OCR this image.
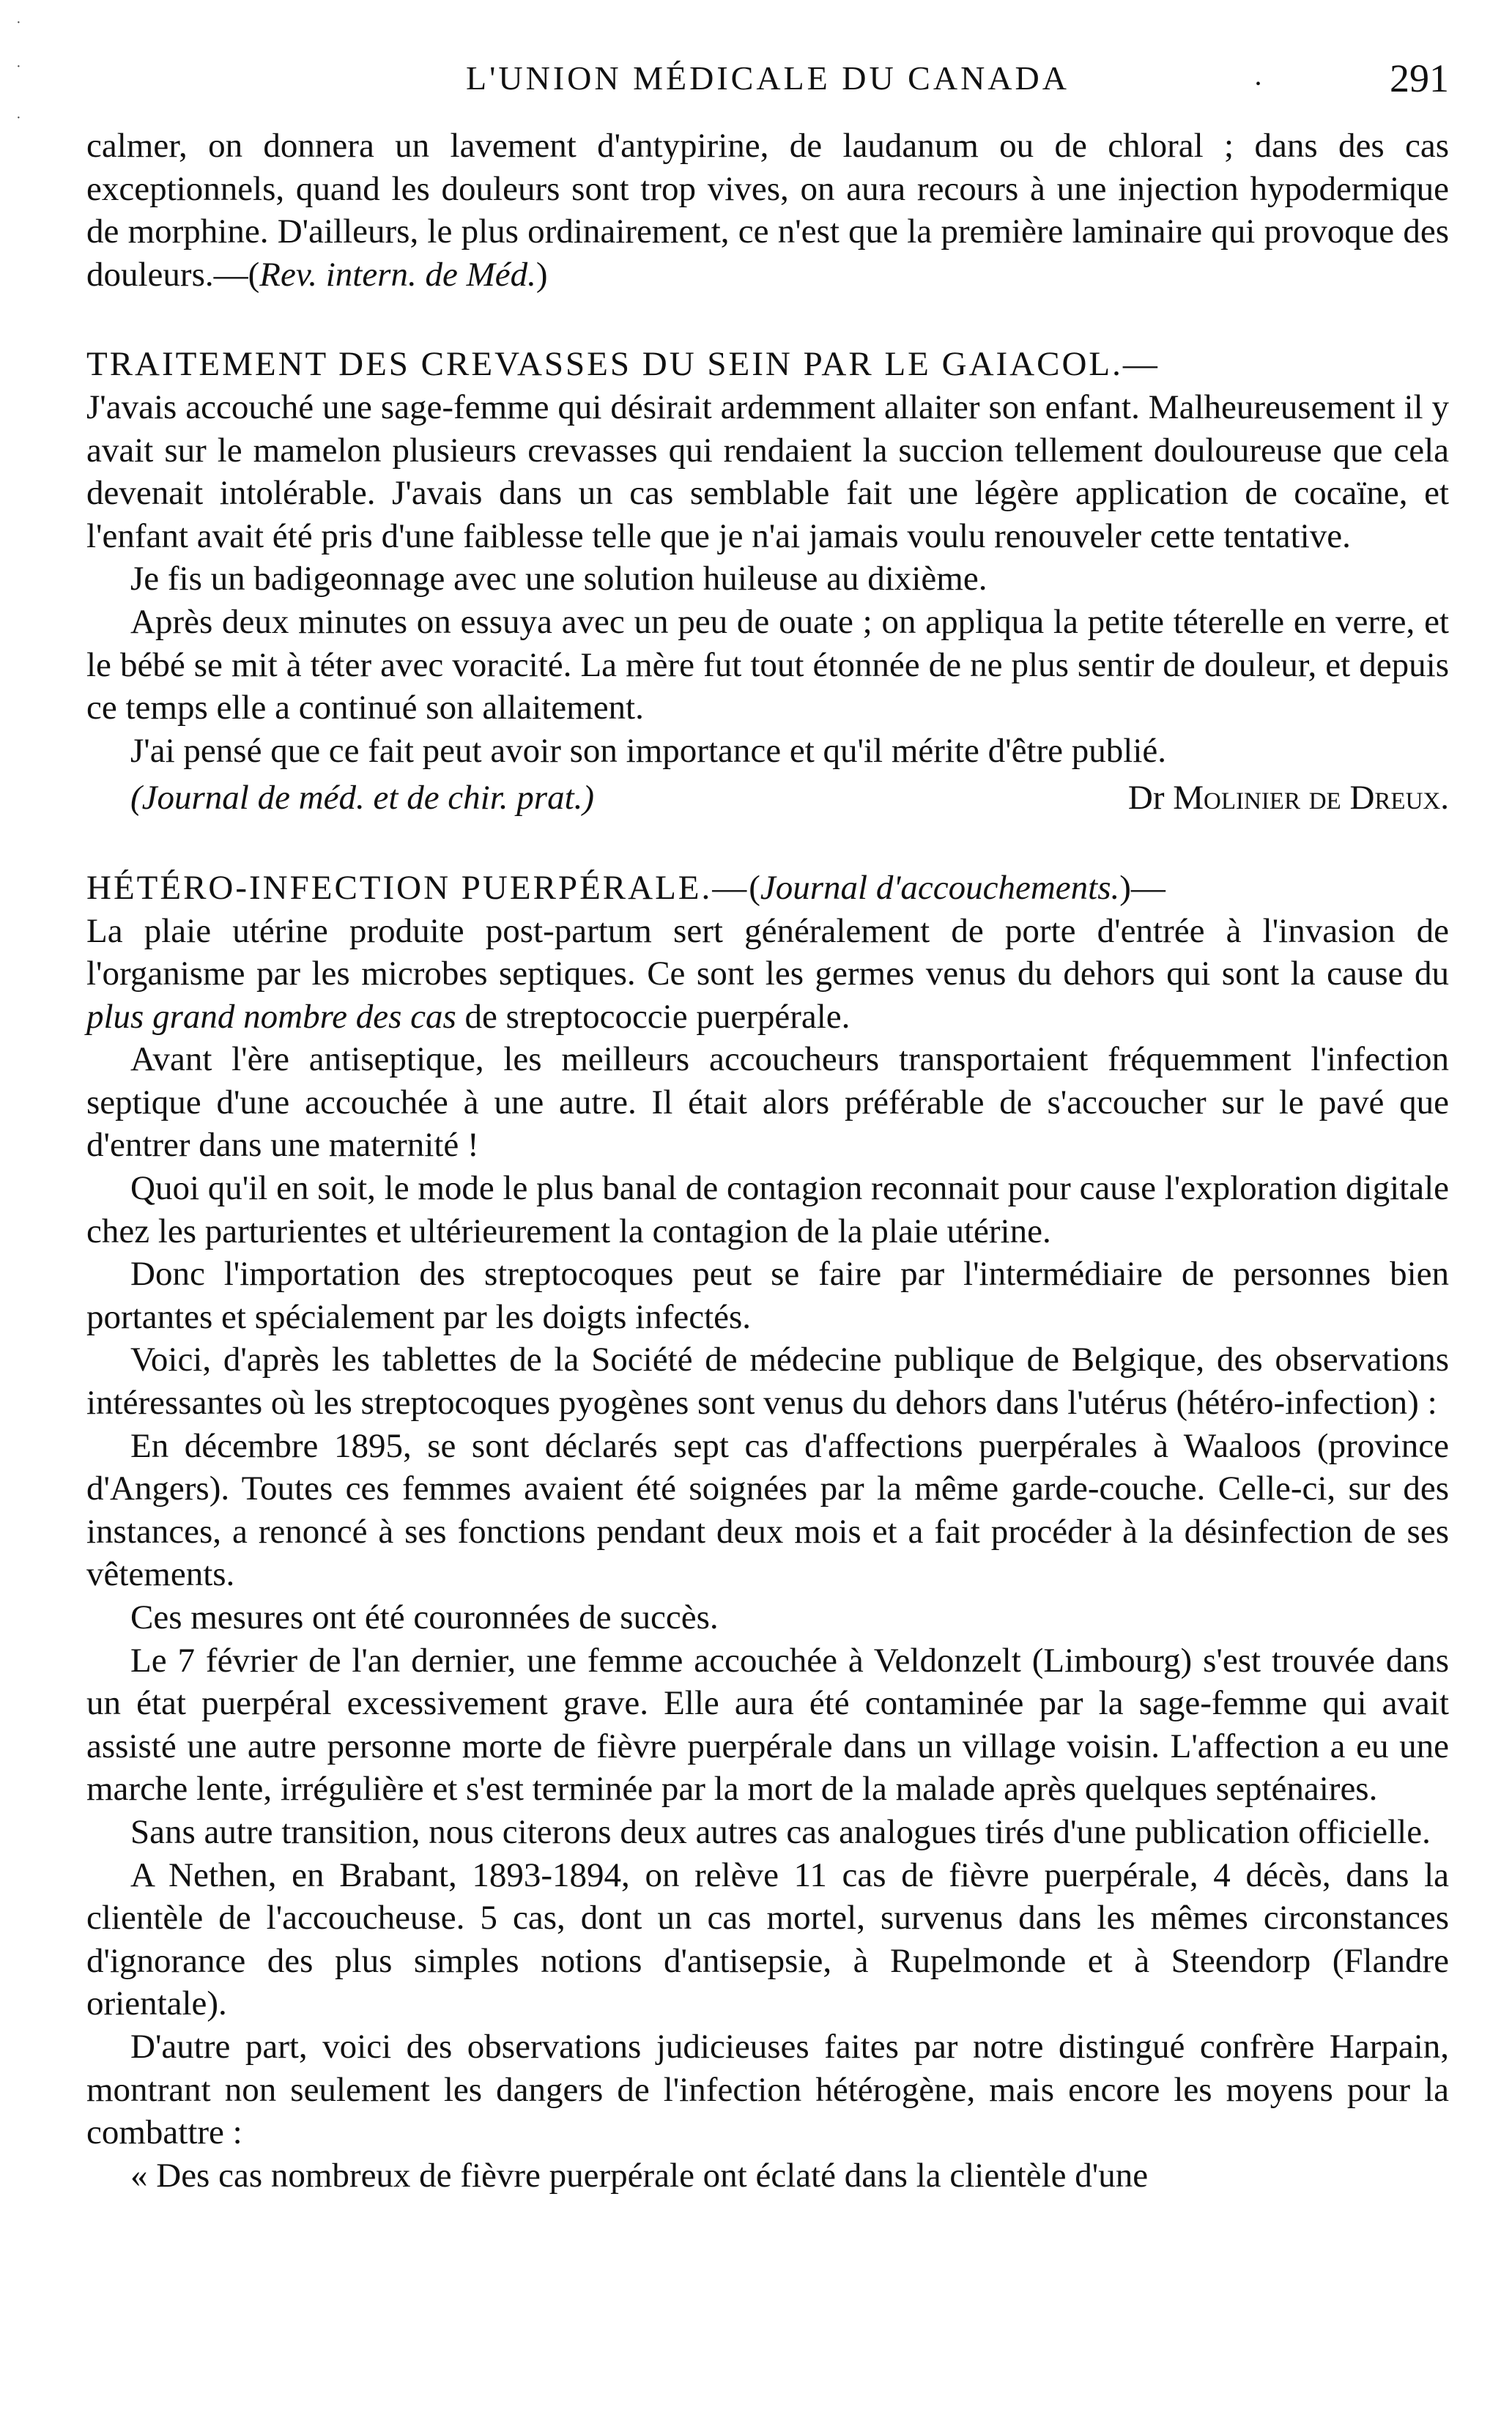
·
·
·
L'UNION MÉDICALE DU CANADA	•	291

calmer, on donnera un lavement d'antypirine, de laudanum ou de chloral ; dans des cas exceptionnels, quand les douleurs sont trop vives, on aura recours à une injection hypodermique de morphine. D'ailleurs, le plus ordinairement, ce n'est que la première laminaire qui provoque des douleurs.—(Rev. intern. de Méd.)

TRAITEMENT DES CREVASSES DU SEIN PAR LE GAIACOL.—

J'avais accouché une sage-femme qui désirait ardemment allaiter son enfant. Malheureusement il y avait sur le mamelon plusieurs crevasses qui rendaient la succion tellement douloureuse que cela devenait intolérable. J'avais dans un cas semblable fait une légère application de cocaïne, et l'enfant avait été pris d'une faiblesse telle que je n'ai jamais voulu renouveler cette tentative.

Je fis un badigeonnage avec une solution huileuse au dixième.

Après deux minutes on essuya avec un peu de ouate ; on appliqua la petite téterelle en verre, et le bébé se mit à téter avec voracité. La mère fut tout étonnée de ne plus sentir de douleur, et depuis ce temps elle a continué son allaitement.

J'ai pensé que ce fait peut avoir son importance et qu'il mérite d'être publié.

(Journal de méd. et de chir. prat.)	Dr Molinier de Dreux.

HÉTÉRO-INFECTION PUERPÉRALE.—(Journal d'accouchements.)—

La plaie utérine produite post-partum sert généralement de porte d'entrée à l'invasion de l'organisme par les microbes septiques. Ce sont les germes venus du dehors qui sont la cause du plus grand nombre des cas de streptococcie puerpérale.

Avant l'ère antiseptique, les meilleurs accoucheurs transportaient fréquemment l'infection septique d'une accouchée à une autre. Il était alors préférable de s'accoucher sur le pavé que d'entrer dans une maternité !

Quoi qu'il en soit, le mode le plus banal de contagion reconnait pour cause l'exploration digitale chez les parturientes et ultérieurement la contagion de la plaie utérine.

Donc l'importation des streptocoques peut se faire par l'intermédiaire de personnes bien portantes et spécialement par les doigts infectés.

Voici, d'après les tablettes de la Société de médecine publique de Belgique, des observations intéressantes où les streptocoques pyogènes sont venus du dehors dans l'utérus (hétéro-infection) :

En décembre 1895, se sont déclarés sept cas d'affections puerpérales à Waaloos (province d'Angers). Toutes ces femmes avaient été soignées par la même garde-couche. Celle-ci, sur des instances, a renoncé à ses fonctions pendant deux mois et a fait procéder à la désinfection de ses vêtements.

Ces mesures ont été couronnées de succès.

Le 7 février de l'an dernier, une femme accouchée à Veldonzelt (Limbourg) s'est trouvée dans un état puerpéral excessivement grave. Elle aura été contaminée par la sage-femme qui avait assisté une autre personne morte de fièvre puerpérale dans un village voisin. L'affection a eu une marche lente, irrégulière et s'est terminée par la mort de la malade après quelques septénaires.

Sans autre transition, nous citerons deux autres cas analogues tirés d'une publication officielle.

A Nethen, en Brabant, 1893-1894, on relève 11 cas de fièvre puerpérale, 4 décès, dans la clientèle de l'accoucheuse. 5 cas, dont un cas mortel, survenus dans les mêmes circonstances d'ignorance des plus simples notions d'antisepsie, à Rupelmonde et à Steendorp (Flandre orientale).

D'autre part, voici des observations judicieuses faites par notre distingué confrère Harpain, montrant non seulement les dangers de l'infection hétérogène, mais encore les moyens pour la combattre :

« Des cas nombreux de fièvre puerpérale ont éclaté dans la clientèle d'une
